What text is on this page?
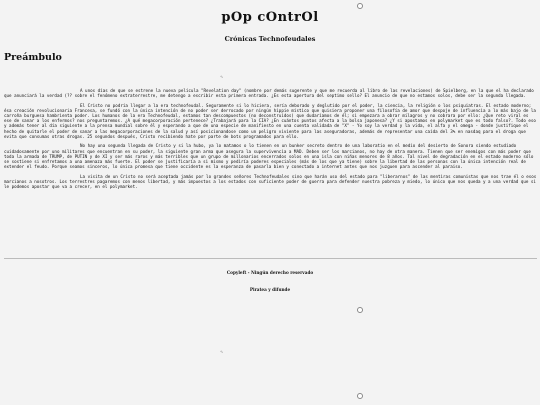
pOp cOntrOl
Crónicas Technofeudales
Preámbulo
∿

A unos días de que se estrene la nueva película "Revelation day" (nombre por demás sugerente y que me recuerda al libro de las revelaciones) de Spielberg, en la que el ha declarado que anunciará la verdad (?? sobre el fenómeno extraterrestre, me detengo a escribir esta primera entrada. ¿Es esta apertura del septimo sello? El anuncio de que no estamos solos, debe ser la segunda llegada.

El Cristo no podría llegar a la era technofeudal. Seguramente si lo hiciera, sería deborado y deglutido por el poder, la ciencia, la religión o los psiquiatras. El estado moderno; ésa creación revolucionaria Francesa, se fundó con la única intención de no poder ser derrocado por ningún hippie místico que quisiera proponer una filosofía de amor que despoje de influencia a lo más bajo de la carroña burguesa hambrienta poder. Los humanos de la era Technofeudal, estamos tan descompuestos (no deconstruidos) que dudaríamos de él; si empezara a obrar milagros y no cobrara por ello: ¿Que reto viral es ese de sanar a los enfermos? nos preguntaremos. ¿A qué megacorporación pertenece? ¿Trabajará para la CIA? ¿En cuántos puntos afecta a la bolsa japonesa? ¿Y si apostamos en polymarket que es todo falso?. Todo eso y además tener al día siguiente a la prensa mundial sobre él y esperando a que de una especie de manifiesto en una cuenta validada de "X" - Yo soy la verdad y la vida, el alfa y el omega - donde justifique el hecho de quitarle el poder de sanar a las megacorporaciones de la salud y así posicionandose como un peligro viviente para las aseguradoras, además de representar una caída del 3% en nasdaq para el droga que evita que consumas otras drogas. 25 segundos después, Cristo recibiendo hate por parte de bots programados para ello.

No hay una segunda llegada de Cristo y si la hubo, ya lo matamos o lo tienen en un bunker secreto dentro de una laboratio en el medio del desierto de Sonora siendo estudiado cuidadosamente por uno militares que encuentran en su poder, la siguiente gran arma que asegura la supervivencia a MAD. Deben ser los marcianos, no hay de otra manera. Tienen que ser enemigos con más poder que toda la armada de TRUMP, de PUTIN y de XI y ser más raros y más terribles que un grupo de millonarios encerrados solos en una isla con niñas menores de 8 años. Tal nivel de degradación en el estado moderno sólo se sostiene si enfretamos a una amenaza más fuerte. El poder se justificaría a si mismo y pediría poderes especiales (más de los que ya tiene) sobre la libertad de las personas con la única intención real de extender el feudo. Porque seamos sinceros, lo única promesa que tiene occidente es la esperanza de pasarla bien y conectado a internet antes que nos juzguen para ascender al paraiso.

La visita de un Cristo no será aceptada jamás por lo grandes señores Technofeudales sino que harán uso del estado para "liberarnos" de las mentiras comunistas que nos trae él o esos marcianos a nosotros. Los terrestres pagaremos con menos libertad, y más impuestos a los estados con suficiente poder de guerra para defender nuestra pobreza y miedo, lo único que nos queda y a una verdad que si le podemos apostar que va a crecer, en el polymarket.

Copyleft - Ningún derecho reservado
Piratea y difunde
∿
